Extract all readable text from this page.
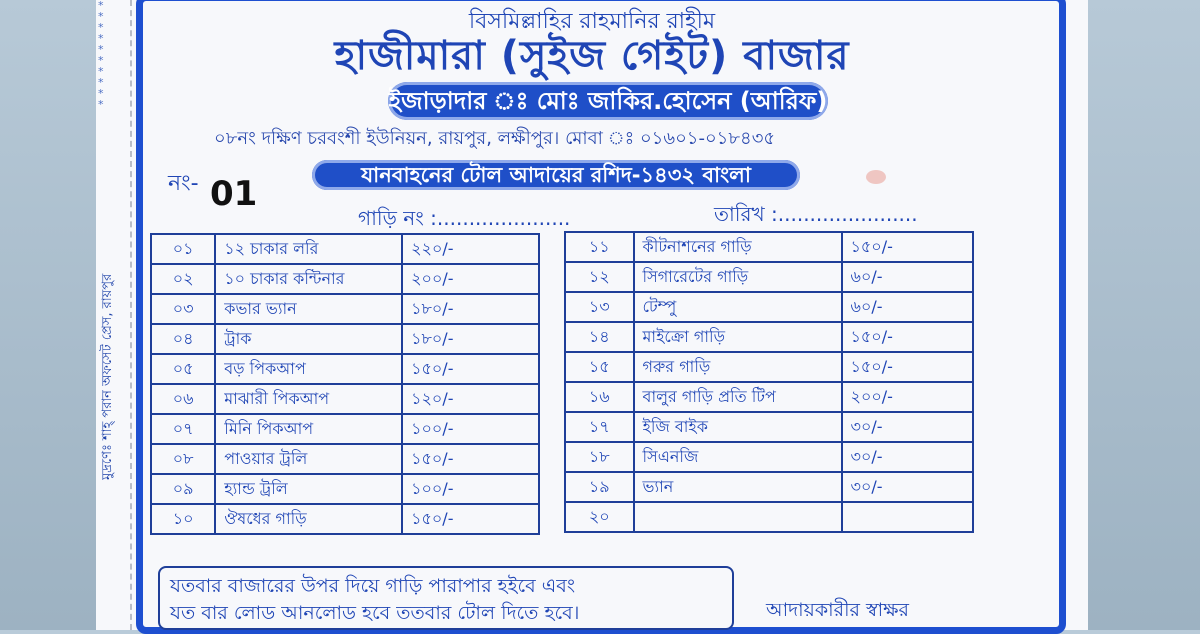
* * * * * * * * * *
মুদ্রণেঃ শাহ্‌ পরান অফসেট প্রেস, রায়পুর
বিসমিল্লাহির রাহমানির রাহীম
হাজীমারা (সুইজ গেইট) বাজার
ইজাড়াদার ঃ মোঃ জাকির.হোসেন (আরিফ)
০৮নং দক্ষিণ চরবংশী ইউনিয়ন, রায়পুর, লক্ষীপুর। মোবা ঃ ০১৬০১-০১৮৪৩৫
যানবাহনের টোল আদায়ের রশিদ-১৪৩২ বাংলা
নং- 01
গাড়ি নং :.....................	তারিখ :......................
০১	১২ চাকার লরি	২২০/-
০২	১০ চাকার কন্টিনার	২০০/-
০৩	কভার ভ্যান	১৮০/-
০৪	ট্রাক	১৮০/-
০৫	বড় পিকআপ	১৫০/-
০৬	মাঝারী পিকআপ	১২০/-
০৭	মিনি পিকআপ	১০০/-
০৮	পাওয়ার ট্রলি	১৫০/-
০৯	হ্যান্ড ট্রলি	১০০/-
১০	ঔষধের গাড়ি	১৫০/-
১১	কীটনাশনের গাড়ি	১৫০/-
১২	সিগারেটের গাড়ি	৬০/-
১৩	টেম্পু	৬০/-
১৪	মাইক্রো গাড়ি	১৫০/-
১৫	গরুর গাড়ি	১৫০/-
১৬	বালুর গাড়ি প্রতি টিপ	২০০/-
১৭	ইজি বাইক	৩০/-
১৮	সিএনজি	৩০/-
১৯	ভ্যান	৩০/-
২০		
যতবার বাজারের উপর দিয়ে গাড়ি পারাপার হইবে এবং
যত বার লোড আনলোড হবে ততবার টোল দিতে হবে।	আদায়কারীর স্বাক্ষর
